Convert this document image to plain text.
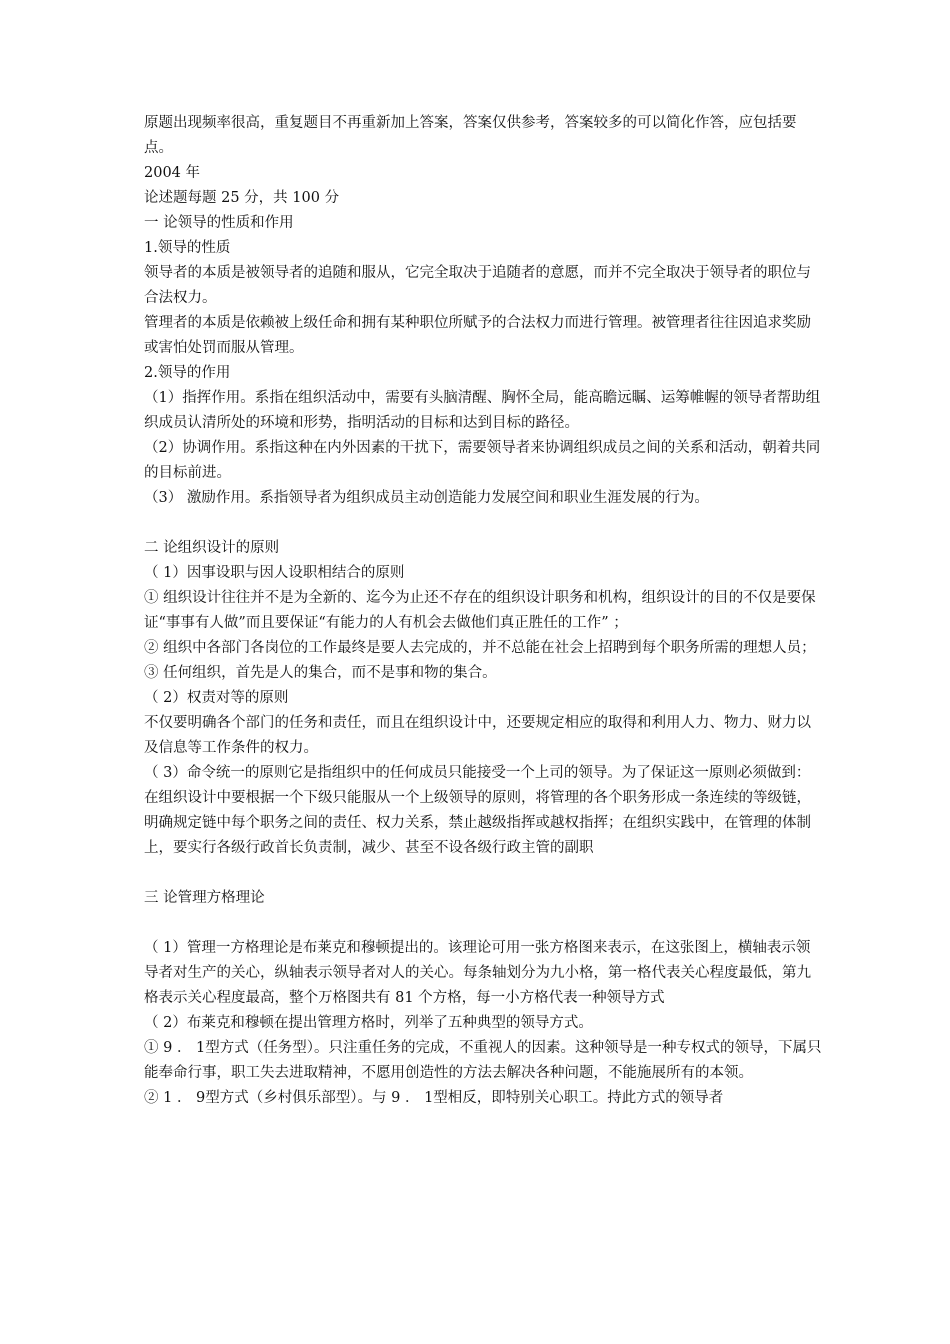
原题出现频率很高，重复题目不再重新加上答案，答案仅供参考，答案较多的可以简化作答，应包括要点。

2004 年

论述题每题 25 分，共 100 分

一 论领导的性质和作用

1.领导的性质

领导者的本质是被领导者的追随和服从，它完全取决于追随者的意愿，而并不完全取决于领导者的职位与合法权力。

管理者的本质是依赖被上级任命和拥有某种职位所赋予的合法权力而进行管理。被管理者往往因追求奖励或害怕处罚而服从管理。

2.领导的作用

（1）指挥作用。系指在组织活动中，需要有头脑清醒、胸怀全局，能高瞻远瞩、运筹帷幄的领导者帮助组织成员认清所处的环境和形势，指明活动的目标和达到目标的路径。

（2）协调作用。系指这种在内外因素的干扰下，需要领导者来协调组织成员之间的关系和活动，朝着共同的目标前进。

（3） 激励作用。系指领导者为组织成员主动创造能力发展空间和职业生涯发展的行为。

二 论组织设计的原则

（ 1）因事设职与因人设职相结合的原则

① 组织设计往往并不是为全新的、迄今为止还不存在的组织设计职务和机构，组织设计的目的不仅是要保证“事事有人做”而且要保证“有能力的人有机会去做他们真正胜任的工作” ；

② 组织中各部门各岗位的工作最终是要人去完成的，并不总能在社会上招聘到每个职务所需的理想人员；

③ 任何组织，首先是人的集合，而不是事和物的集合。

（ 2）权责对等的原则

不仅要明确各个部门的任务和责任，而且在组织设计中，还要规定相应的取得和利用人力、物力、财力以及信息等工作条件的权力。

（ 3）命令统一的原则它是指组织中的任何成员只能接受一个上司的领导。为了保证这一原则必须做到：在组织设计中要根据一个下级只能服从一个上级领导的原则，将管理的各个职务形成一条连续的等级链，明确规定链中每个职务之间的责任、权力关系，禁止越级指挥或越权指挥；在组织实践中，在管理的体制上，要实行各级行政首长负责制，减少、甚至不设各级行政主管的副职

三 论管理方格理论

（ 1）管理一方格理论是布莱克和穆顿提出的。该理论可用一张方格图来表示，在这张图上，横轴表示领导者对生产的关心，纵轴表示领导者对人的关心。每条轴划分为九小格，第一格代表关心程度最低，第九格表示关心程度最高，整个万格图共有 81 个方格，每一小方格代表一种领导方式

（ 2）布莱克和穆顿在提出管理方格时，列举了五种典型的领导方式。

① 9 ． 1型方式（任务型）。只注重任务的完成，不重视人的因素。这种领导是一种专权式的领导，下属只能奉命行事，职工失去进取精神，不愿用创造性的方法去解决各种问题，不能施展所有的本领。

② 1 ． 9型方式（乡村俱乐部型）。与 9 ． 1型相反，即特别关心职工。持此方式的领导者
